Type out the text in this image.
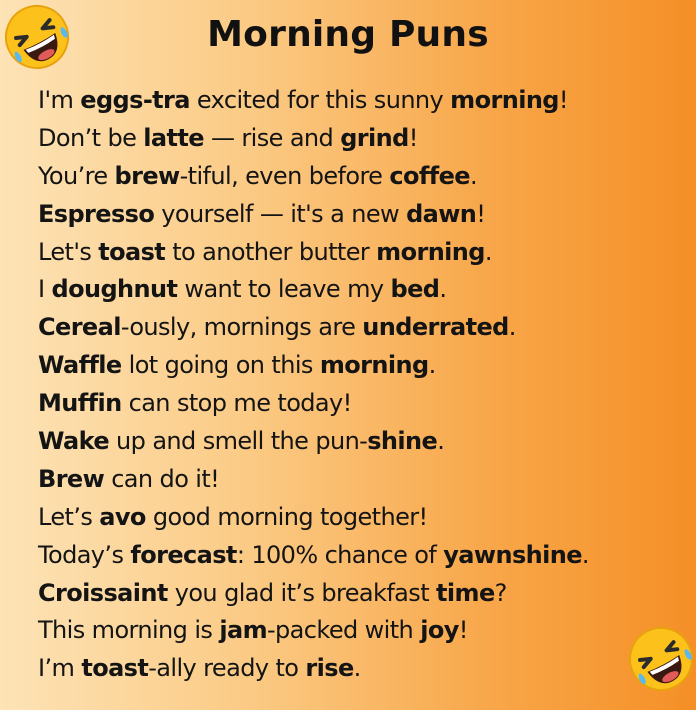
Morning Puns
I'm eggs-tra excited for this sunny morning!
Don’t be latte — rise and grind!
You’re brew-tiful, even before coffee.
Espresso yourself — it's a new dawn!
Let's toast to another butter morning.
I doughnut want to leave my bed.
Cereal-ously, mornings are underrated.
Waffle lot going on this morning.
Muffin can stop me today!
Wake up and smell the pun-shine.
Brew can do it!
Let’s avo good morning together!
Today’s forecast: 100% chance of yawnshine.
Croissaint you glad it’s breakfast time?
This morning is jam-packed with joy!
I’m toast-ally ready to rise.
